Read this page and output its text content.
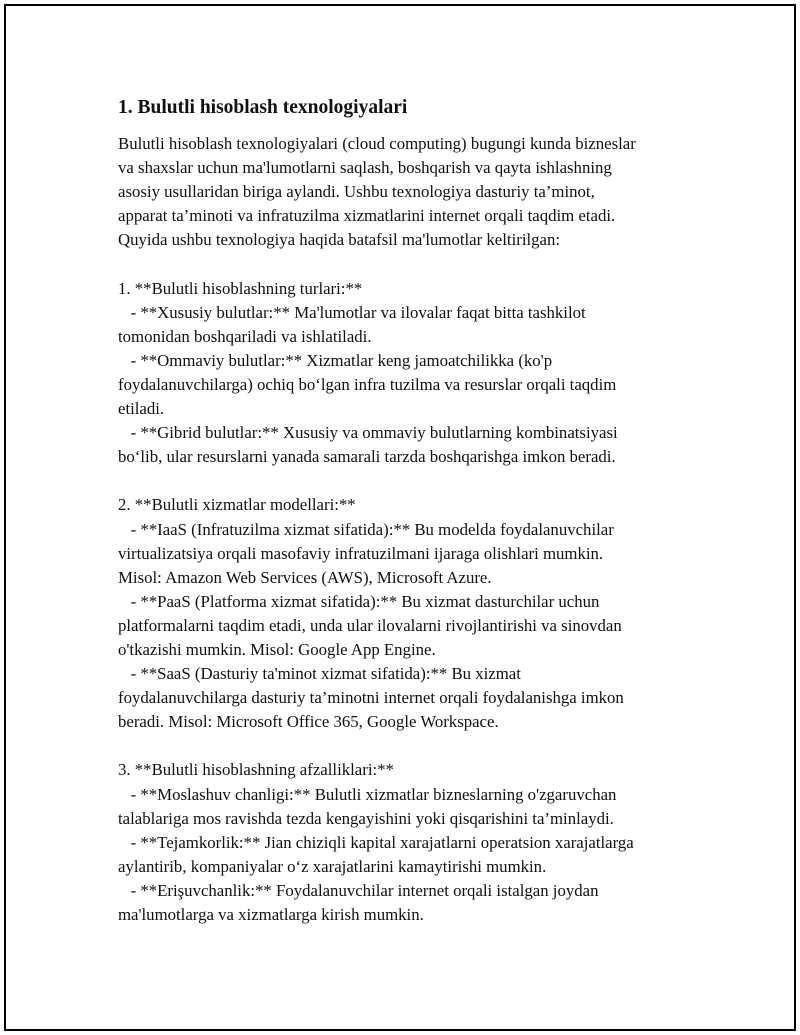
1. Bulutli hisoblash texnologiyalari
Bulutli hisoblash texnologiyalari (cloud computing) bugungi kunda bizneslar
va shaxslar uchun ma'lumotlarni saqlash, boshqarish va qayta ishlashning
asosiy usullaridan biriga aylandi. Ushbu texnologiya dasturiy ta’minot,
apparat ta’minoti va infratuzilma xizmatlarini internet orqali taqdim etadi.
Quyida ushbu texnologiya haqida batafsil ma'lumotlar keltirilgan:
1. **Bulutli hisoblashning turlari:**
- **Xususiy bulutlar:** Ma'lumotlar va ilovalar faqat bitta tashkilot
tomonidan boshqariladi va ishlatiladi.
- **Ommaviy bulutlar:** Xizmatlar keng jamoatchilikka (ko'p
foydalanuvchilarga) ochiq bo‘lgan infra tuzilma va resurslar orqali taqdim
etiladi.
- **Gibrid bulutlar:** Xususiy va ommaviy bulutlarning kombinatsiyasi
bo‘lib, ular resurslarni yanada samarali tarzda boshqarishga imkon beradi.
2. **Bulutli xizmatlar modellari:**
- **IaaS (Infratuzilma xizmat sifatida):** Bu modelda foydalanuvchilar
virtualizatsiya orqali masofaviy infratuzilmani ijaraga olishlari mumkin.
Misol: Amazon Web Services (AWS), Microsoft Azure.
- **PaaS (Platforma xizmat sifatida):** Bu xizmat dasturchilar uchun
platformalarni taqdim etadi, unda ular ilovalarni rivojlantirishi va sinovdan
o'tkazishi mumkin. Misol: Google App Engine.
- **SaaS (Dasturiy ta'minot xizmat sifatida):** Bu xizmat
foydalanuvchilarga dasturiy ta’minotni internet orqali foydalanishga imkon
beradi. Misol: Microsoft Office 365, Google Workspace.
3. **Bulutli hisoblashning afzalliklari:**
- **Moslashuv chanligi:** Bulutli xizmatlar bizneslarning o'zgaruvchan
talablariga mos ravishda tezda kengayishini yoki qisqarishini ta’minlaydi.
- **Tejamkorlik:** Jian chiziqli kapital xarajatlarni operatsion xarajatlarga
aylantirib, kompaniyalar o‘z xarajatlarini kamaytirishi mumkin.
- **Erişuvchanlik:** Foydalanuvchilar internet orqali istalgan joydan
ma'lumotlarga va xizmatlarga kirish mumkin.
